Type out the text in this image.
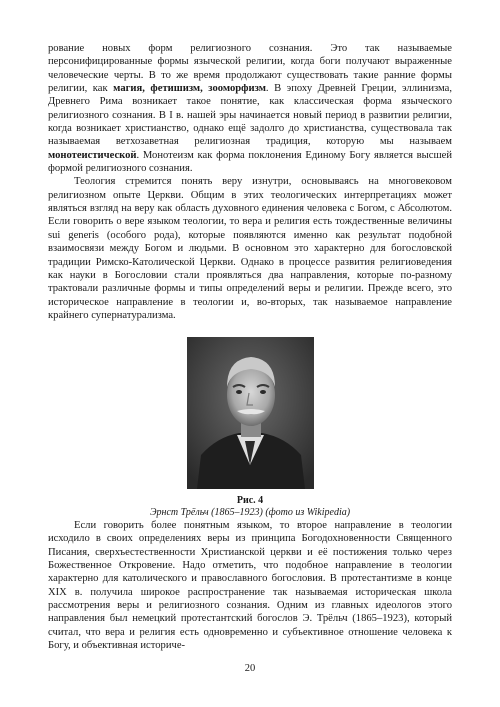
рование новых форм религиозного сознания. Это так называемые персонифицированные формы языческой религии, когда боги получают выраженные человеческие черты. В то же время продолжают существовать такие ранние формы религии, как магия, фетишизм, зооморфизм. В эпоху Древней Греции, эллинизма, Древнего Рима возникает такое понятие, как классическая форма языческого религиозного сознания. В I в. нашей эры начинается новый период в развитии религии, когда возникает христианство, однако ещё задолго до христианства, существовала так называемая ветхозаветная религиозная традиция, которую мы называем монотеистической. Монотеизм как форма поклонения Единому Богу является высшей формой религиозного сознания.

Теология стремится понять веру изнутри, основываясь на многовековом религиозном опыте Церкви. Общим в этих теологических интерпретациях может являться взгляд на веру как область духовного единения человека с Богом, с Абсолютом. Если говорить о вере языком теологии, то вера и религия есть тождественные величины sui generis (особого рода), которые появляются именно как результат подобной взаимосвязи между Богом и людьми. В основном это характерно для богословской традиции Римско-Католической Церкви. Однако в процессе развития религиоведения как науки в Богословии стали проявляться два направления, которые по-разному трактовали различные формы и типы определений веры и религии. Прежде всего, это историческое направление в теологии и, во-вторых, так называемое направление крайнего супернатурализма.

Рис. 4
Эрнст Трёльч (1865–1923) (фото из Wikipedia)

Если говорить более понятным языком, то второе направление в теологии исходило в своих определениях веры из принципа Богодохновенности Священного Писания, сверхъестественности Христианской церкви и её постижения только через Божественное Откровение. Надо отметить, что подобное направление в теологии характерно для католического и православного богословия. В протестантизме в конце XIX в. получила широкое распространение так называемая историческая школа рассмотрения веры и религиозного сознания. Одним из главных идеологов этого направления был немецкий протестантский богослов Э. Трёльч (1865–1923), который считал, что вера и религия есть одновременно и субъективное отношение человека к Богу, и объективная историче-

20
